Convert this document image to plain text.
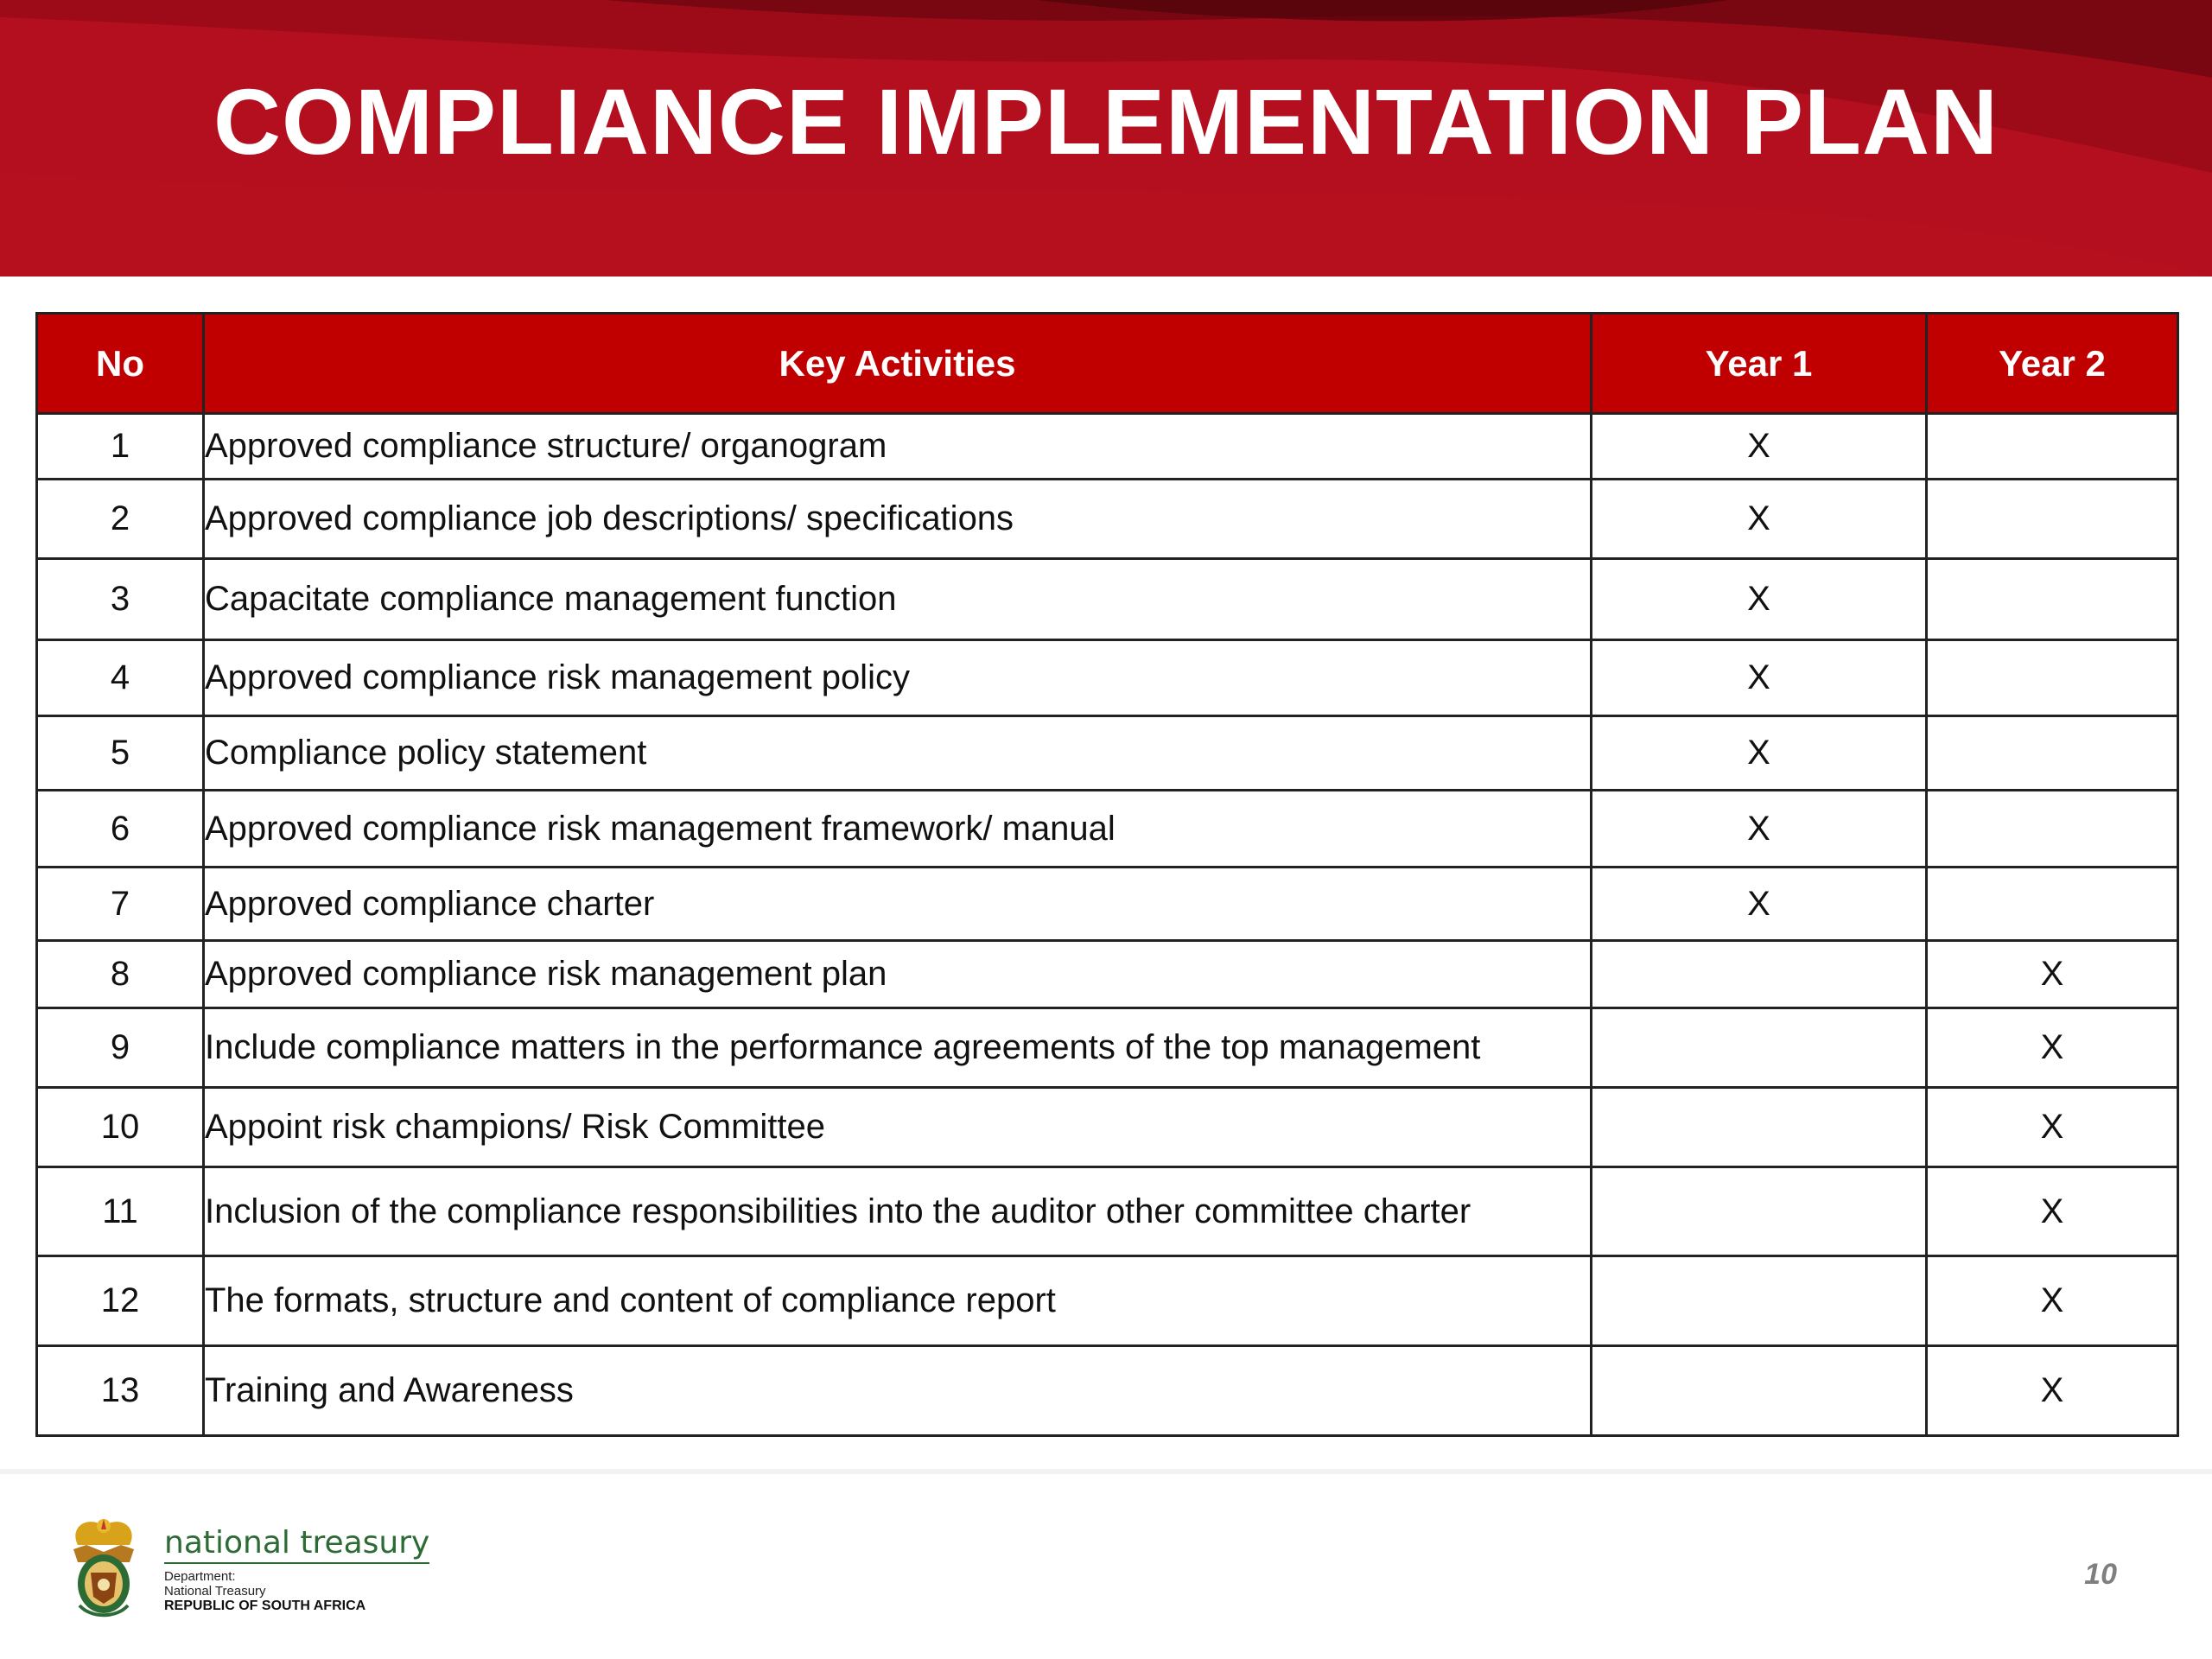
COMPLIANCE IMPLEMENTATION PLAN
No	Key Activities	Year 1	Year 2
1	Approved compliance structure/ organogram	X	
2	Approved compliance job descriptions/ specifications	X	
3	Capacitate compliance management function	X	
4	Approved compliance risk management policy	X	
5	Compliance policy statement	X	
6	Approved compliance risk management framework/ manual	X	
7	Approved compliance charter	X	
8	Approved compliance risk management plan		X
9	Include compliance matters in the performance agreements of the top management		X
10	Appoint risk champions/ Risk Committee		X
11	Inclusion of the compliance responsibilities into the auditor other committee charter		X
12	The formats, structure and content of compliance report		X
13	Training and Awareness		X
national treasury
Department:
National Treasury
REPUBLIC OF SOUTH AFRICA
10
